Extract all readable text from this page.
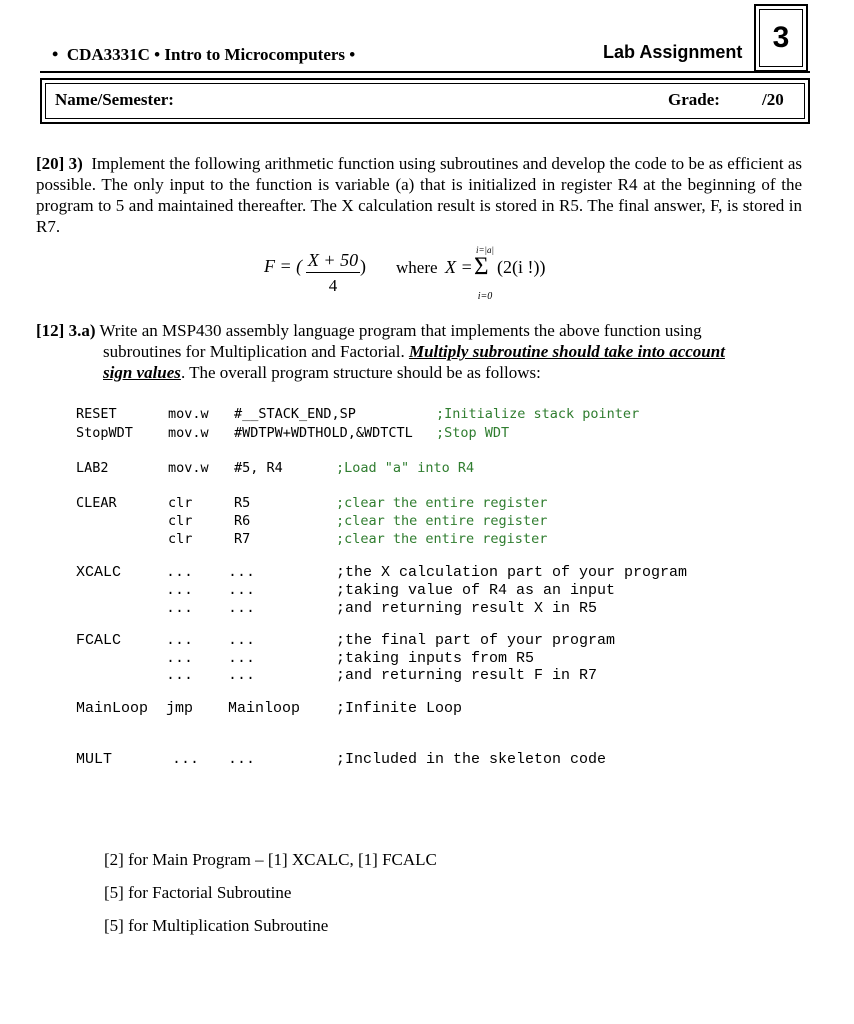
• CDA3331C • Intro to Microcomputers •	Lab Assignment	3
Name/Semester:	Grade: /20
[20] 3) Implement the following arithmetic function using subroutines and develop the code to be as efficient as possible. The only input to the function is variable (a) that is initialized in register R4 at the beginning of the program to 5 and maintained thereafter. The X calculation result is stored in R5. The final answer, F, is stored in R7.
F = ( X + 50
4
) where X =
i=|a|
Σ
i=0
(2(i !))
[12] 3.a) Write an MSP430 assembly language program that implements the above function using
subroutines for Multiplication and Factorial. Multiply subroutine should take into account
sign values. The overall program structure should be as follows:
RESET	mov.w #__STACK_END,SP	;Initialize stack pointer
StopWDT	mov.w #WDTPW+WDTHOLD,&WDTCTL ;Stop WDT
LAB2	mov.w #5, R4	;Load "a" into R4
CLEAR	clr	R5	;clear the entire register
clr	R6	;clear the entire register
clr	R7	;clear the entire register
XCALC	... ...	;the X calculation part of your program
... ...	;taking value of R4 as an input
... ...	;and returning result X in R5
FCALC	... ...	;the final part of your program
... ...	;taking inputs from R5
... ...	;and returning result F in R7
MainLoop jmp Mainloop ;Infinite Loop
MULT	... ...	;Included in the skeleton code
[2] for Main Program – [1] XCALC, [1] FCALC
[5] for Factorial Subroutine
[5] for Multiplication Subroutine
